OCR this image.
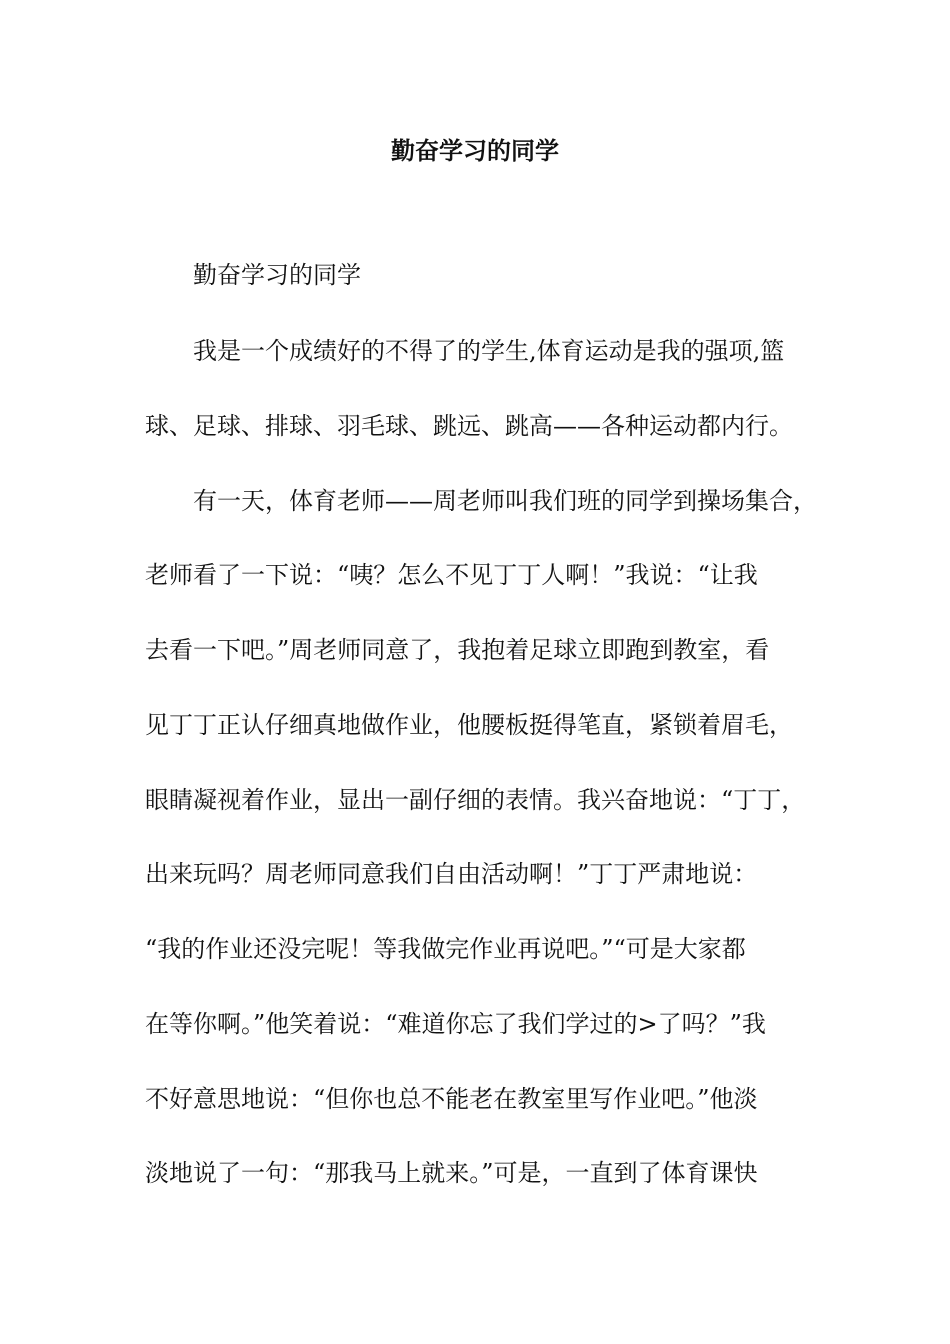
勤奋学习的同学
勤奋学习的同学
我是一个成绩好的不得了的学生,体育运动是我的强项,篮
球、足球、排球、羽毛球、跳远、跳高——各种运动都内行。
有一天，体育老师——周老师叫我们班的同学到操场集合，
老师看了一下说：“咦？怎么不见丁丁人啊！”我说：“让我
去看一下吧。”周老师同意了，我抱着足球立即跑到教室，看
见丁丁正认仔细真地做作业，他腰板挺得笔直，紧锁着眉毛，
眼睛凝视着作业，显出一副仔细的表情。我兴奋地说：“丁丁，
出来玩吗？周老师同意我们自由活动啊！”丁丁严肃地说：
“我的作业还没完呢！等我做完作业再说吧。”“可是大家都
在等你啊。”他笑着说：“难道你忘了我们学过的>了吗？”我
不好意思地说：“但你也总不能老在教室里写作业吧。”他淡
淡地说了一句：“那我马上就来。”可是，一直到了体育课快
